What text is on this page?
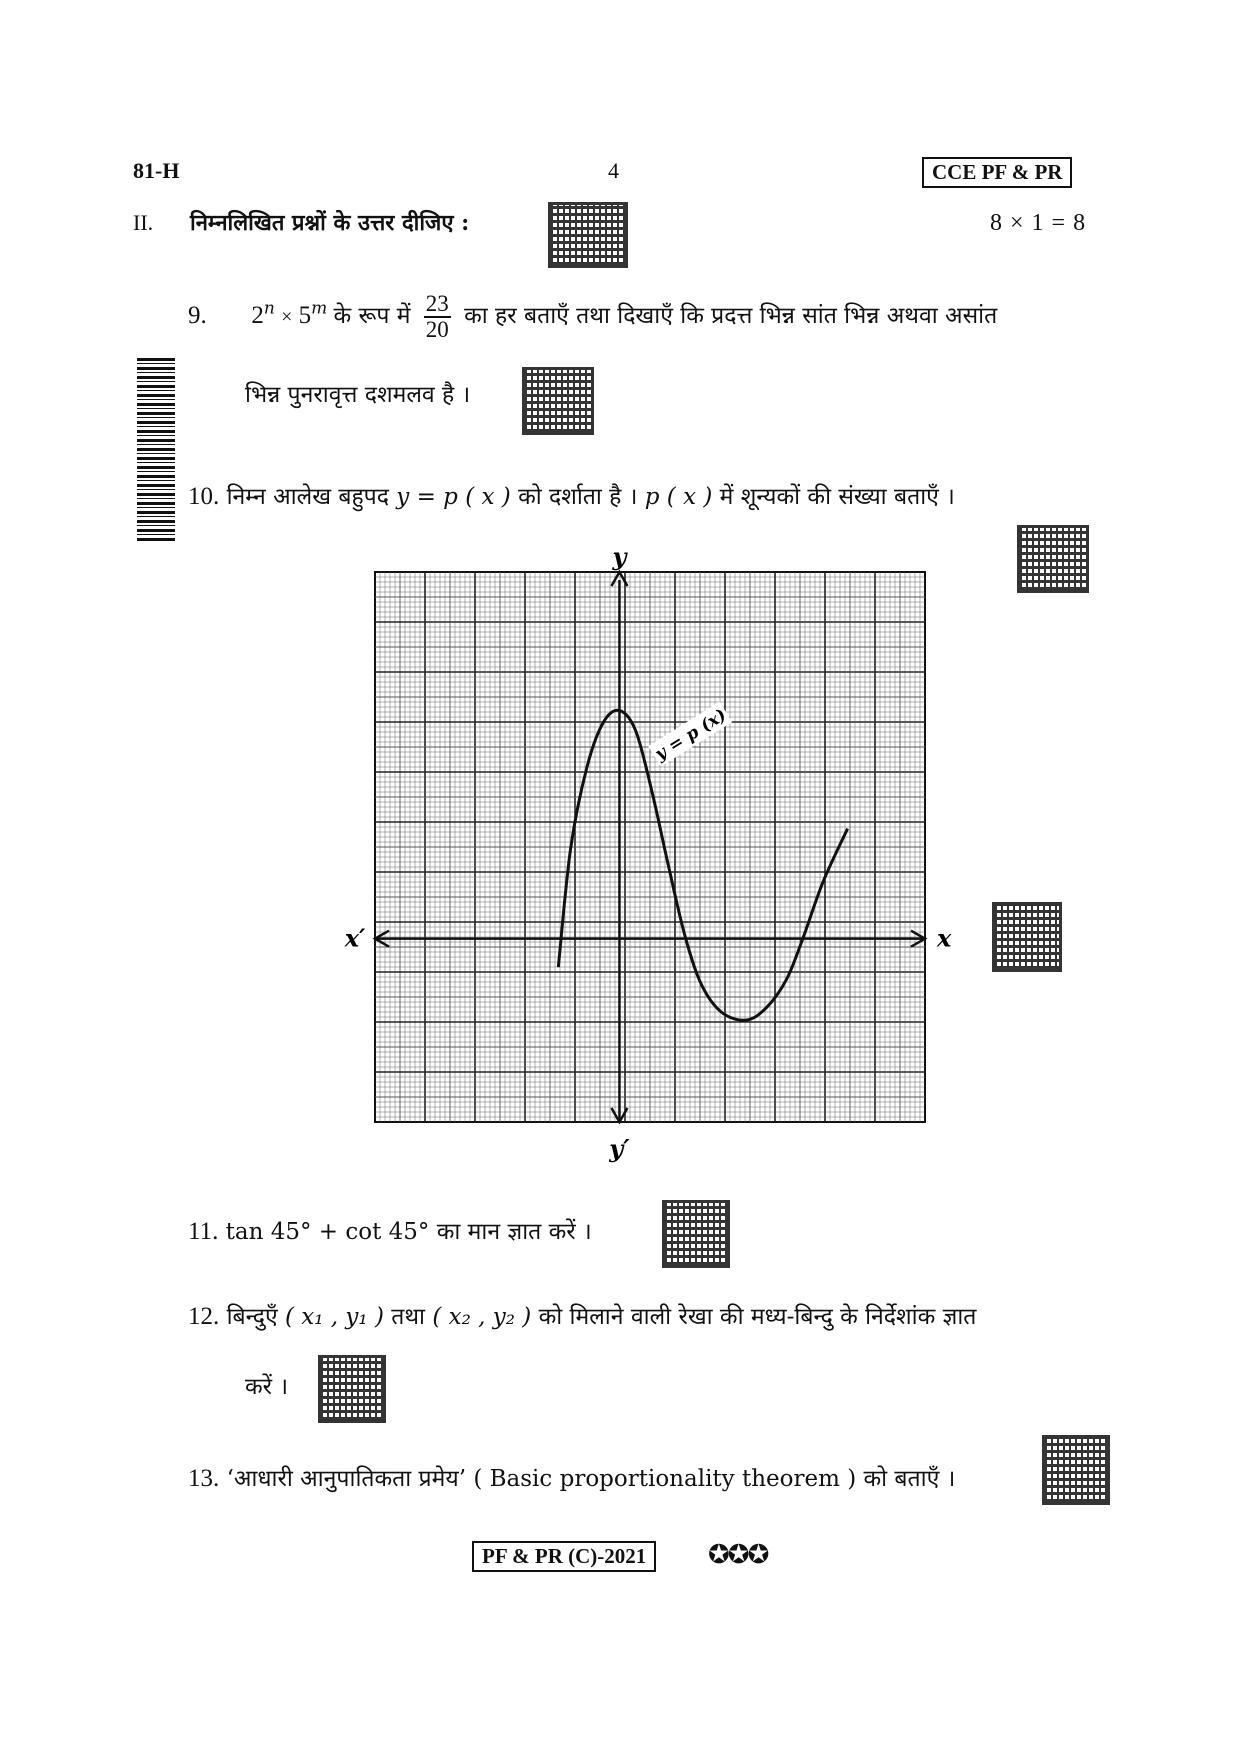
81-H	4	CCE PF & PR
II. निम्नलिखित प्रश्नों के उत्तर दीजिए :	8 × 1 = 8
9. $2^n \times 5^m$ के रूप में $\frac{23}{20}$ का हर बताएँ तथा दिखाएँ कि प्रदत्त भिन्न सांत भिन्न अथवा असांत
भिन्न पुनरावृत्त दशमलव है ।
10. निम्न आलेख बहुपद y = p ( x ) को दर्शाता है । p ( x ) में शून्यकों की संख्या बताएँ ।
y = p (x)
y
y′
x′	x
11. tan 45° + cot 45° का मान ज्ञात करें ।
12. बिन्दुएँ ( x₁ , y₁ ) तथा ( x₂ , y₂ ) को मिलाने वाली रेखा की मध्य-बिन्दु के निर्देशांक ज्ञात
करें ।
13. ‘आधारी आनुपातिकता प्रमेय’ ( Basic proportionality theorem ) को बताएँ ।
PF & PR (C)-2021	✪✪✪
